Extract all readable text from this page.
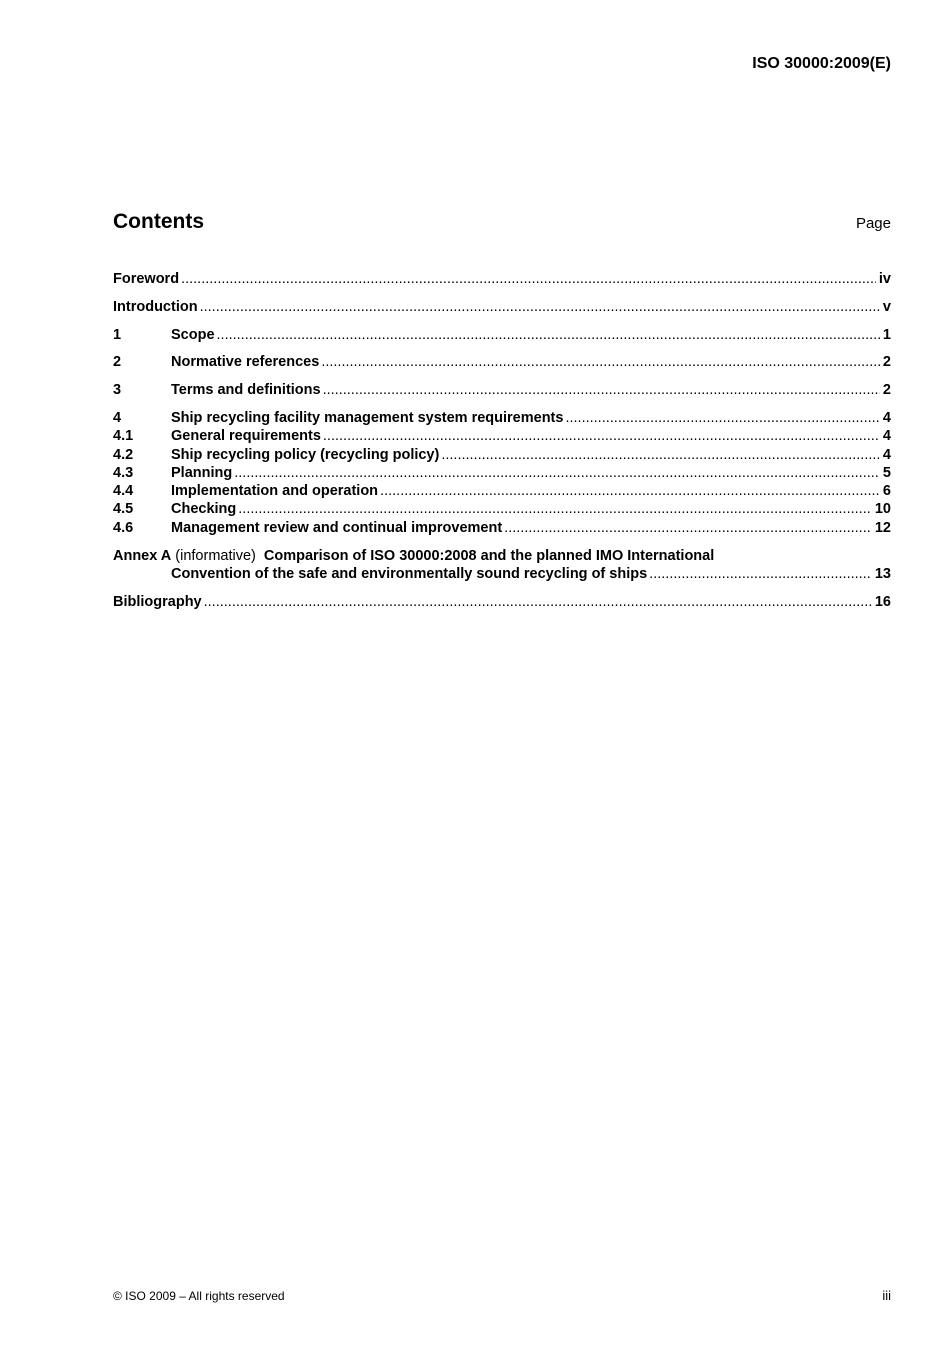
ISO 30000:2009(E)
Contents	Page
Foreword .....	iv
Introduction .....	v
1	Scope .....	1
2	Normative references .....	2
3	Terms and definitions .....	2
4	Ship recycling facility management system requirements .....	4
4.1	General requirements .....	4
4.2	Ship recycling policy (recycling policy) .....	4
4.3	Planning .....	5
4.4	Implementation and operation .....	6
4.5	Checking .....	10
4.6	Management review and continual improvement .....	12
Annex A (informative) Comparison of ISO 30000:2008 and the planned IMO International
Convention of the safe and environmentally sound recycling of ships .....	13
Bibliography .....	16
© ISO 2009 – All rights reserved	iii
